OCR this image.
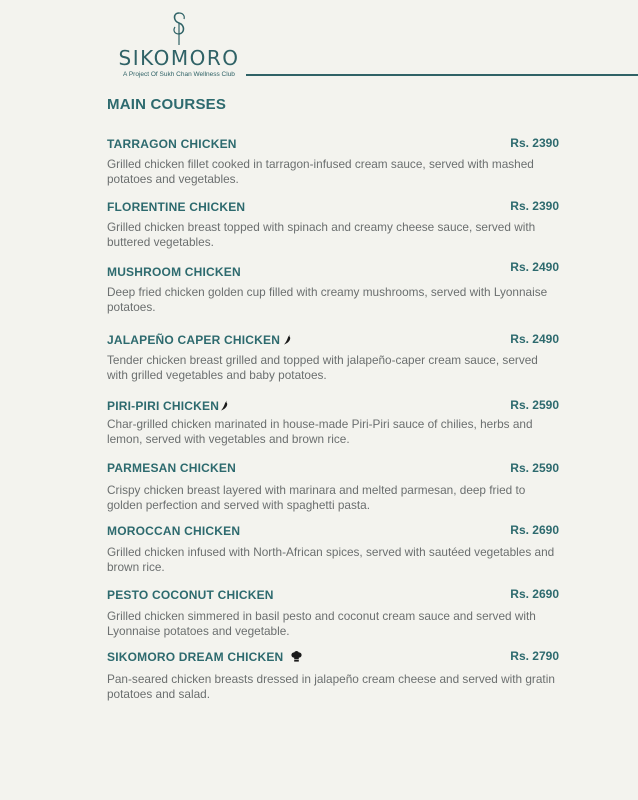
SIKOMORO
A Project Of Sukh Chan Wellness Club
MAIN COURSES
TARRAGON CHICKEN	Rs. 2390
Grilled chicken fillet cooked in tarragon-infused cream sauce, served with mashed potatoes and vegetables.
FLORENTINE CHICKEN	Rs. 2390
Grilled chicken breast topped with spinach and creamy cheese sauce, served with buttered vegetables.
MUSHROOM CHICKEN	Rs. 2490
Deep fried chicken golden cup filled with creamy mushrooms, served with Lyonnaise potatoes.
JALAPEÑO CAPER CHICKEN	Rs. 2490
Tender chicken breast grilled and topped with jalapeño-caper cream sauce, served with grilled vegetables and baby potatoes.
PIRI-PIRI CHICKEN	Rs. 2590
Char-grilled chicken marinated in house-made Piri-Piri sauce of chilies, herbs and lemon, served with vegetables and brown rice.
PARMESAN CHICKEN	Rs. 2590
Crispy chicken breast layered with marinara and melted parmesan, deep fried to golden perfection and served with spaghetti pasta.
MOROCCAN CHICKEN	Rs. 2690
Grilled chicken infused with North-African spices, served with sautéed vegetables and brown rice.
PESTO COCONUT CHICKEN	Rs. 2690
Grilled chicken simmered in basil pesto and coconut cream sauce and served with Lyonnaise potatoes and vegetable.
SIKOMORO DREAM CHICKEN	Rs. 2790
Pan-seared chicken breasts dressed in jalapeño cream cheese and served with gratin potatoes and salad.
